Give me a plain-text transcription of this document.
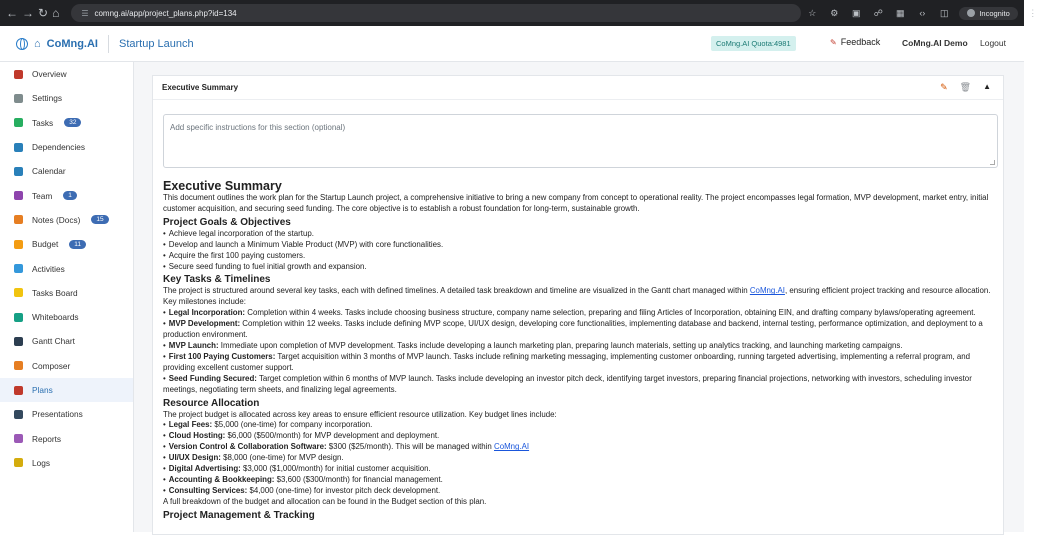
← → ↻ ⌂	☰ comng.ai/app/project_plans.php?id=134	☆	⚙	▣	☍	▦	‹›	◫	Incognito ⋮
⌂ CoMng.AI Startup Launch	CoMng.AI Quota:4981	✎ Feedback	CoMng.AI Demo Logout
Overview
Settings
Tasks	32
Dependencies
Calendar
Team	1
Notes (Docs)	15
Budget	11
Activities
Tasks Board
Whiteboards
Gantt Chart
Composer
Plans
Presentations
Reports
Logs
Executive Summary	✎ 🗑 ▲
Add specific instructions for this section (optional)
Executive Summary

This document outlines the work plan for the Startup Launch project, a comprehensive initiative to bring a new company from concept to operational reality. The project encompasses legal formation, MVP development, market entry, initial customer acquisition, and securing seed funding. The core objective is to establish a robust foundation for long-term, sustainable growth.

Project Goals & Objectives
• Achieve legal incorporation of the startup.
• Develop and launch a Minimum Viable Product (MVP) with core functionalities.
• Acquire the first 100 paying customers.
• Secure seed funding to fuel initial growth and expansion.
Key Tasks & Timelines

The project is structured around several key tasks, each with defined timelines. A detailed task breakdown and timeline are visualized in the Gantt chart managed within CoMng.AI, ensuring efficient project tracking and resource allocation. Key milestones include:

• Legal Incorporation: Completion within 4 weeks. Tasks include choosing business structure, company name selection, preparing and filing Articles of Incorporation, obtaining EIN, and drafting company bylaws/operating agreement.
• MVP Development: Completion within 12 weeks. Tasks include defining MVP scope, UI/UX design, developing core functionalities, implementing database and backend, internal testing, performance optimization, and deployment to a production environment.
• MVP Launch: Immediate upon completion of MVP development. Tasks include developing a launch marketing plan, preparing launch materials, setting up analytics tracking, and launching marketing campaigns.
• First 100 Paying Customers: Target acquisition within 3 months of MVP launch. Tasks include refining marketing messaging, implementing customer onboarding, running targeted advertising, implementing a referral program, and providing excellent customer support.
• Seed Funding Secured: Target completion within 6 months of MVP launch. Tasks include developing an investor pitch deck, identifying target investors, preparing financial projections, networking with investors, scheduling investor meetings, negotiating term sheets, and finalizing legal agreements.
Resource Allocation

The project budget is allocated across key areas to ensure efficient resource utilization. Key budget lines include:

• Legal Fees: $5,000 (one-time) for company incorporation.
• Cloud Hosting: $6,000 ($500/month) for MVP development and deployment.
• Version Control & Collaboration Software: $300 ($25/month). This will be managed within CoMng.AI
• UI/UX Design: $8,000 (one-time) for MVP design.
• Digital Advertising: $3,000 ($1,000/month) for initial customer acquisition.
• Accounting & Bookkeeping: $3,600 ($300/month) for financial management.
• Consulting Services: $4,000 (one-time) for investor pitch deck development.

A full breakdown of the budget and allocation can be found in the Budget section of this plan.

Project Management & Tracking
